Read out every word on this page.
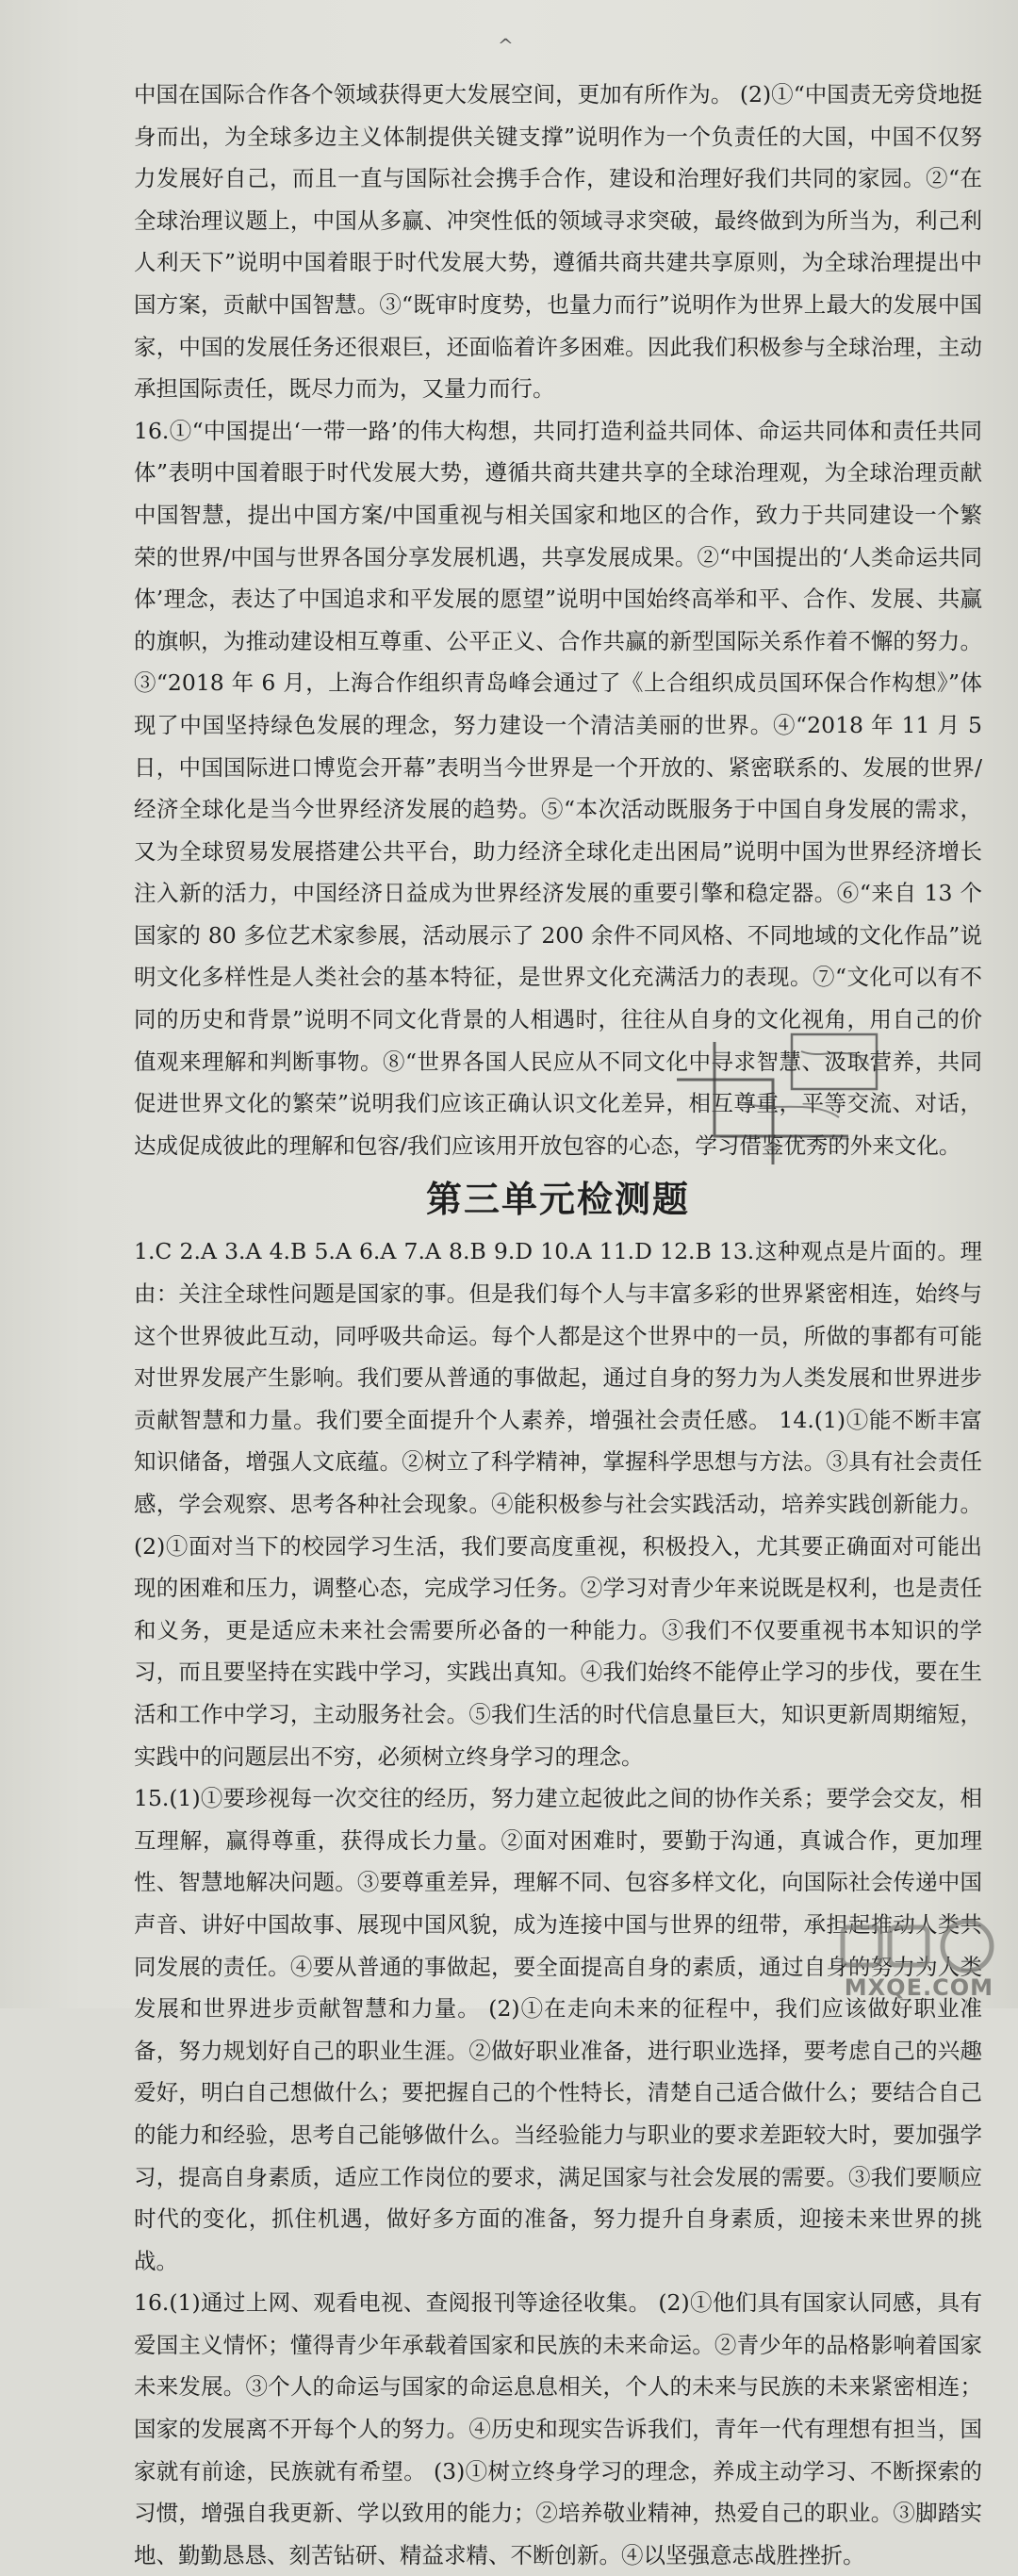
^

中国在国际合作各个领域获得更大发展空间，更加有所作为。 (2)①“中国责无旁贷地挺身而出，为全球多边主义体制提供关键支撑”说明作为一个负责任的大国，中国不仅努力发展好自己，而且一直与国际社会携手合作，建设和治理好我们共同的家园。②“在全球治理议题上，中国从多赢、冲突性低的领域寻求突破，最终做到为所当为，利己利人利天下”说明中国着眼于时代发展大势，遵循共商共建共享原则，为全球治理提出中国方案，贡献中国智慧。③“既审时度势，也量力而行”说明作为世界上最大的发展中国家，中国的发展任务还很艰巨，还面临着许多困难。因此我们积极参与全球治理，主动承担国际责任，既尽力而为，又量力而行。

16.①“中国提出‘一带一路’的伟大构想，共同打造利益共同体、命运共同体和责任共同体”表明中国着眼于时代发展大势，遵循共商共建共享的全球治理观，为全球治理贡献中国智慧，提出中国方案/中国重视与相关国家和地区的合作，致力于共同建设一个繁荣的世界/中国与世界各国分享发展机遇，共享发展成果。②“中国提出的‘人类命运共同体’理念，表达了中国追求和平发展的愿望”说明中国始终高举和平、合作、发展、共赢的旗帜，为推动建设相互尊重、公平正义、合作共赢的新型国际关系作着不懈的努力。③“2018 年 6 月，上海合作组织青岛峰会通过了《上合组织成员国环保合作构想》”体现了中国坚持绿色发展的理念，努力建设一个清洁美丽的世界。④“2018 年 11 月 5 日，中国国际进口博览会开幕”表明当今世界是一个开放的、紧密联系的、发展的世界/经济全球化是当今世界经济发展的趋势。⑤“本次活动既服务于中国自身发展的需求，又为全球贸易发展搭建公共平台，助力经济全球化走出困局”说明中国为世界经济增长注入新的活力，中国经济日益成为世界经济发展的重要引擎和稳定器。⑥“来自 13 个国家的 80 多位艺术家参展，活动展示了 200 余件不同风格、不同地域的文化作品”说明文化多样性是人类社会的基本特征，是世界文化充满活力的表现。⑦“文化可以有不同的历史和背景”说明不同文化背景的人相遇时，往往从自身的文化视角，用自己的价值观来理解和判断事物。⑧“世界各国人民应从不同文化中寻求智慧、汲取营养，共同促进世界文化的繁荣”说明我们应该正确认识文化差异，相互尊重，平等交流、对话，达成促成彼此的理解和包容/我们应该用开放包容的心态，学习借鉴优秀的外来文化。

第三单元检测题

1.C 2.A 3.A 4.B 5.A 6.A 7.A 8.B 9.D 10.A 11.D 12.B 13.这种观点是片面的。理由：关注全球性问题是国家的事。但是我们每个人与丰富多彩的世界紧密相连，始终与这个世界彼此互动，同呼吸共命运。每个人都是这个世界中的一员，所做的事都有可能对世界发展产生影响。我们要从普通的事做起，通过自身的努力为人类发展和世界进步贡献智慧和力量。我们要全面提升个人素养，增强社会责任感。 14.(1)①能不断丰富知识储备，增强人文底蕴。②树立了科学精神，掌握科学思想与方法。③具有社会责任感，学会观察、思考各种社会现象。④能积极参与社会实践活动，培养实践创新能力。 (2)①面对当下的校园学习生活，我们要高度重视，积极投入，尤其要正确面对可能出现的困难和压力，调整心态，完成学习任务。②学习对青少年来说既是权利，也是责任和义务，更是适应未来社会需要所必备的一种能力。③我们不仅要重视书本知识的学习，而且要坚持在实践中学习，实践出真知。④我们始终不能停止学习的步伐，要在生活和工作中学习，主动服务社会。⑤我们生活的时代信息量巨大，知识更新周期缩短，实践中的问题层出不穷，必须树立终身学习的理念。

15.(1)①要珍视每一次交往的经历，努力建立起彼此之间的协作关系；要学会交友，相互理解，赢得尊重，获得成长力量。②面对困难时，要勤于沟通，真诚合作，更加理性、智慧地解决问题。③要尊重差异，理解不同、包容多样文化，向国际社会传递中国声音、讲好中国故事、展现中国风貌，成为连接中国与世界的纽带，承担起推动人类共同发展的责任。④要从普通的事做起，要全面提高自身的素质，通过自身的努力为人类发展和世界进步贡献智慧和力量。 (2)①在走向未来的征程中，我们应该做好职业准备，努力规划好自己的职业生涯。②做好职业准备，进行职业选择，要考虑自己的兴趣爱好，明白自己想做什么；要把握自己的个性特长，清楚自己适合做什么；要结合自己的能力和经验，思考自己能够做什么。当经验能力与职业的要求差距较大时，要加强学习，提高自身素质，适应工作岗位的要求，满足国家与社会发展的需要。③我们要顺应时代的变化，抓住机遇，做好多方面的准备，努力提升自身素质，迎接未来世界的挑战。

16.(1)通过上网、观看电视、查阅报刊等途径收集。 (2)①他们具有国家认同感，具有爱国主义情怀；懂得青少年承载着国家和民族的未来命运。②青少年的品格影响着国家未来发展。③个人的命运与国家的命运息息相关，个人的未来与民族的未来紧密相连；国家的发展离不开每个人的努力。④历史和现实告诉我们，青年一代有理想有担当，国家就有前途，民族就有希望。 (3)①树立终身学习的理念，养成主动学习、不断探索的习惯，增强自我更新、学以致用的能力；②培养敬业精神，热爱自己的职业。③脚踏实地、勤勤恳恳、刻苦钻研、精益求精、不断创新。④以坚强意志战胜挫折。

MXQE.COM
